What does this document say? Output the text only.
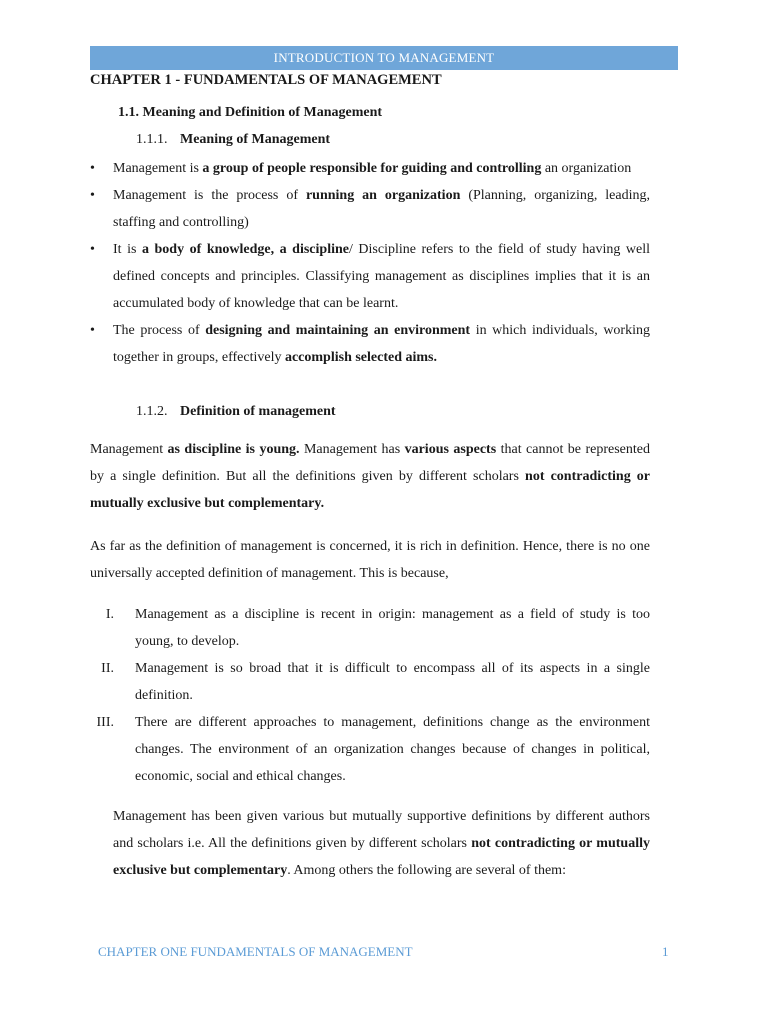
INTRODUCTION TO MANAGEMENT
CHAPTER 1 - FUNDAMENTALS OF MANAGEMENT
1.1. Meaning and Definition of Management
1.1.1. Meaning of Management
• Management is a group of people responsible for guiding and controlling an organization
• Management is the process of running an organization (Planning, organizing, leading, staffing and controlling)
• It is a body of knowledge, a discipline/ Discipline refers to the field of study having well defined concepts and principles. Classifying management as disciplines implies that it is an accumulated body of knowledge that can be learnt.
• The process of designing and maintaining an environment in which individuals, working together in groups, effectively accomplish selected aims.
1.1.2. Definition of management
Management as discipline is young. Management has various aspects that cannot be represented by a single definition. But all the definitions given by different scholars not contradicting or mutually exclusive but complementary.
As far as the definition of management is concerned, it is rich in definition. Hence, there is no one universally accepted definition of management. This is because,
I. Management as a discipline is recent in origin: management as a field of study is too young, to develop.
II. Management is so broad that it is difficult to encompass all of its aspects in a single definition.
III. There are different approaches to management, definitions change as the environment changes. The environment of an organization changes because of changes in political, economic, social and ethical changes.
Management has been given various but mutually supportive definitions by different authors and scholars i.e. All the definitions given by different scholars not contradicting or mutually exclusive but complementary. Among others the following are several of them:
CHAPTER ONE FUNDAMENTALS OF MANAGEMENT	1
